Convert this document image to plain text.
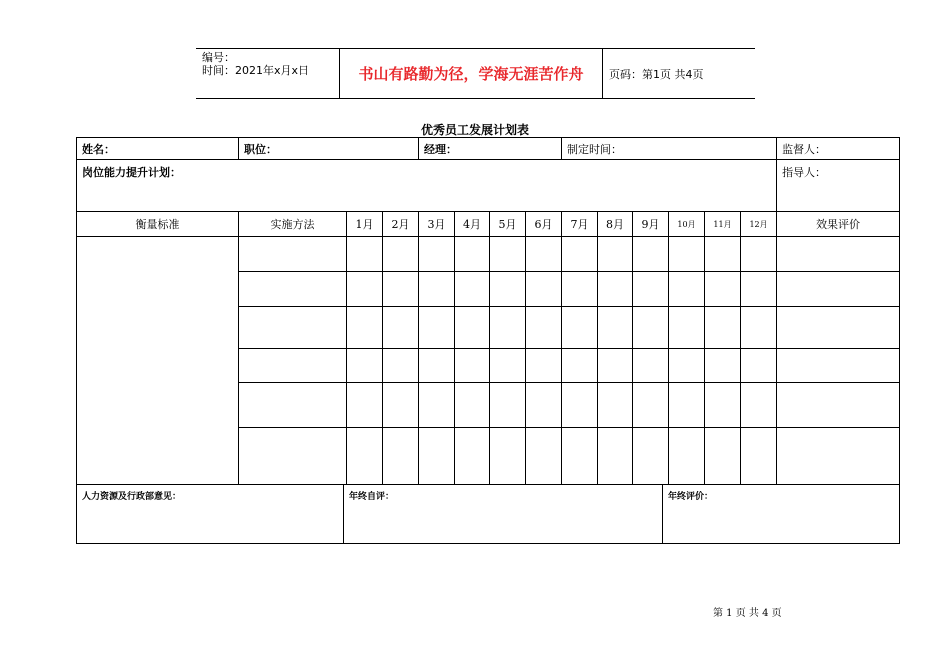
编号：
时间：2021年x月x日	书山有路勤为径，学海无涯苦作舟	页码：第1页 共4页
优秀员工发展计划表
姓名：	职位：			经理：				制定时间：						监督人：
岗位能力提升计划：														指导人：
衡量标准	实施方法	1月	2月	3月	4月	5月	6月	7月	8月	9月	10月	11月	12月	效果评价

人力资源及行政部意见：	年终自评：	年终评价：
第 1 页 共 4 页
